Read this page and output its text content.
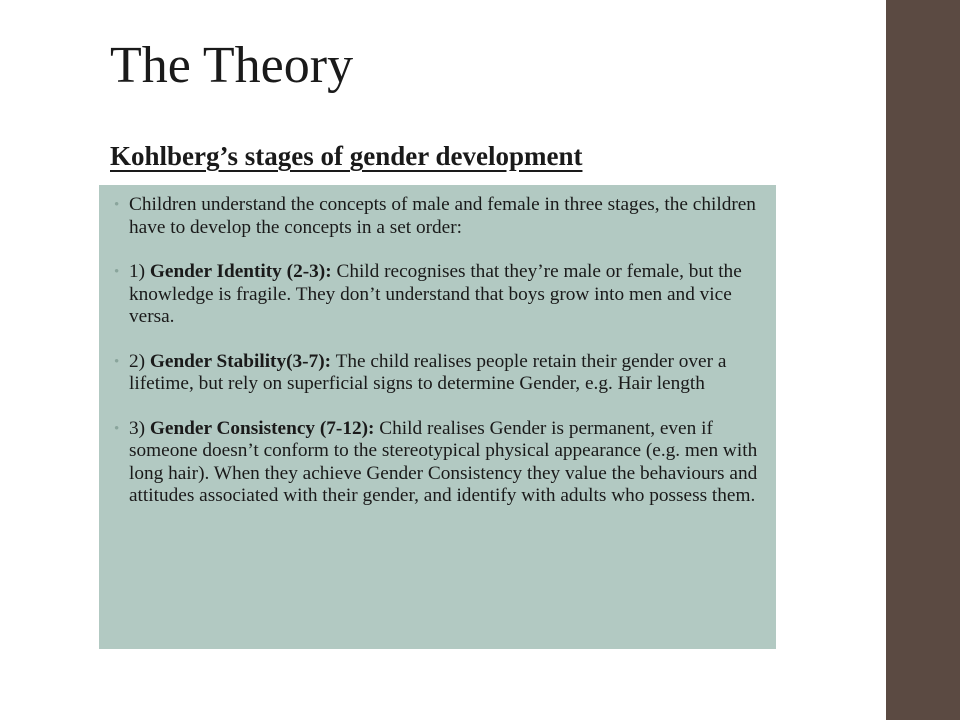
The Theory
Kohlberg’s stages of gender development
• Children understand the concepts of male and female in three stages, the children have to develop the concepts in a set order:
• 1) Gender Identity (2-3): Child recognises that they’re male or female, but the knowledge is fragile. They don’t understand that boys grow into men and vice versa.
• 2) Gender Stability(3-7): The child realises people retain their gender over a lifetime, but rely on superficial signs to determine Gender, e.g. Hair length
• 3) Gender Consistency (7-12): Child realises Gender is permanent, even if someone doesn’t conform to the stereotypical physical appearance (e.g. men with long hair). When they achieve Gender Consistency they value the behaviours and attitudes associated with their gender, and identify with adults who possess them.
